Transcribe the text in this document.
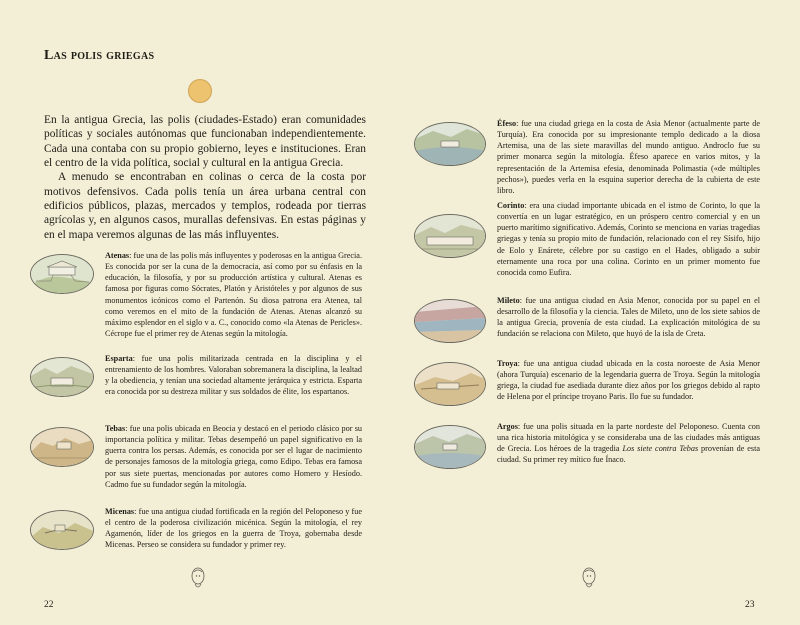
Las polis griegas

En la antigua Grecia, las polis (ciudades-Estado) eran comunidades políticas y sociales autónomas que funcionaban independientemente. Cada una contaba con su propio gobierno, leyes e instituciones. Eran el centro de la vida política, social y cultural en la antigua Grecia.

A menudo se encontraban en colinas o cerca de la costa por motivos defensivos. Cada polis tenía un área urbana central con edificios públicos, plazas, mercados y templos, rodeada por tierras agrícolas y, en algunos casos, murallas defensivas. En estas páginas y en el mapa veremos algunas de las más influyentes.

Atenas: fue una de las polis más influyentes y poderosas en la antigua Grecia. Es conocida por ser la cuna de la democracia, así como por su énfasis en la educación, la filosofía, y por su producción artística y cultural. Atenas es famosa por figuras como Sócrates, Platón y Aristóteles y por algunos de sus monumentos icónicos como el Partenón. Su diosa patrona era Atenea, tal como veremos en el mito de la fundación de Atenas. Atenas alcanzó su máximo esplendor en el siglo v a. C., conocido como «la Atenas de Pericles». Cécrope fue el primer rey de Atenas según la mitología.

Esparta: fue una polis militarizada centrada en la disciplina y el entrenamiento de los hombres. Valoraban sobremanera la disciplina, la lealtad y la obediencia, y tenían una sociedad altamente jerárquica y estricta. Esparta era conocida por su destreza militar y sus soldados de élite, los espartanos.

Tebas: fue una polis ubicada en Beocia y destacó en el periodo clásico por su importancia política y militar. Tebas desempeñó un papel significativo en la guerra contra los persas. Además, es conocida por ser el lugar de nacimiento de personajes famosos de la mitología griega, como Edipo. Tebas era famosa por sus siete puertas, mencionadas por autores como Homero y Hesíodo. Cadmo fue su fundador según la mitología.

Micenas: fue una antigua ciudad fortificada en la región del Peloponeso y fue el centro de la poderosa civilización micénica. Según la mitología, el rey Agamenón, líder de los griegos en la guerra de Troya, gobernaba desde Micenas. Perseo se considera su fundador y primer rey.

22

Éfeso: fue una ciudad griega en la costa de Asia Menor (actualmente parte de Turquía). Era conocida por su impresionante templo dedicado a la diosa Artemisa, una de las siete maravillas del mundo antiguo. Androclo fue su primer monarca según la mitología. Éfeso aparece en varios mitos, y la representación de la Artemisa efesia, denominada Polimastia («de múltiples pechos»), puedes verla en la esquina superior derecha de la cubierta de este libro.

Corinto: era una ciudad importante ubicada en el istmo de Corinto, lo que la convertía en un lugar estratégico, en un próspero centro comercial y en un puerto marítimo significativo. Además, Corinto se menciona en varias tragedias griegas y tenía su propio mito de fundación, relacionado con el rey Sísifo, hijo de Eolo y Enárete, célebre por su castigo en el Hades, obligado a subir eternamente una roca por una colina. Corinto en un primer momento fue conocida como Eufira.

Mileto: fue una antigua ciudad en Asia Menor, conocida por su papel en el desarrollo de la filosofía y la ciencia. Tales de Mileto, uno de los siete sabios de la antigua Grecia, provenía de esta ciudad. La explicación mitológica de su fundación se relaciona con Mileto, que huyó de la isla de Creta.

Troya: fue una antigua ciudad ubicada en la costa noroeste de Asia Menor (ahora Turquía) escenario de la legendaria guerra de Troya. Según la mitología griega, la ciudad fue asediada durante diez años por los griegos debido al rapto de Helena por el príncipe troyano Paris. Ilo fue su fundador.

Argos: fue una polis situada en la parte nordeste del Peloponeso. Cuenta con una rica historia mitológica y se consideraba una de las ciudades más antiguas de Grecia. Los héroes de la tragedia Los siete contra Tebas provenían de esta ciudad. Su primer rey mítico fue Ínaco.

23
